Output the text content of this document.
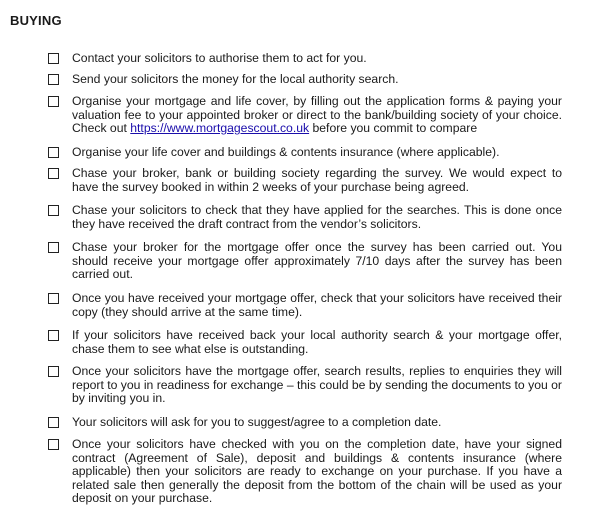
BUYING
Contact your solicitors to authorise them to act for you.
Send your solicitors the money for the local authority search.
Organise your mortgage and life cover, by filling out the application forms & paying your valuation fee to your appointed broker or direct to the bank/building society of your choice. Check out https://www.mortgagescout.co.uk before you commit to compare
Organise your life cover and buildings & contents insurance (where applicable).
Chase your broker, bank or building society regarding the survey. We would expect to have the survey booked in within 2 weeks of your purchase being agreed.
Chase your solicitors to check that they have applied for the searches. This is done once they have received the draft contract from the vendor’s solicitors.
Chase your broker for the mortgage offer once the survey has been carried out. You should receive your mortgage offer approximately 7/10 days after the survey has been carried out.
Once you have received your mortgage offer, check that your solicitors have received their copy (they should arrive at the same time).
If your solicitors have received back your local authority search & your mortgage offer, chase them to see what else is outstanding.
Once your solicitors have the mortgage offer, search results, replies to enquiries they will report to you in readiness for exchange – this could be by sending the documents to you or by inviting you in.
Your solicitors will ask for you to suggest/agree to a completion date.
Once your solicitors have checked with you on the completion date, have your signed contract (Agreement of Sale), deposit and buildings & contents insurance (where applicable) then your solicitors are ready to exchange on your purchase. If you have a related sale then generally the deposit from the bottom of the chain will be used as your deposit on your purchase.
